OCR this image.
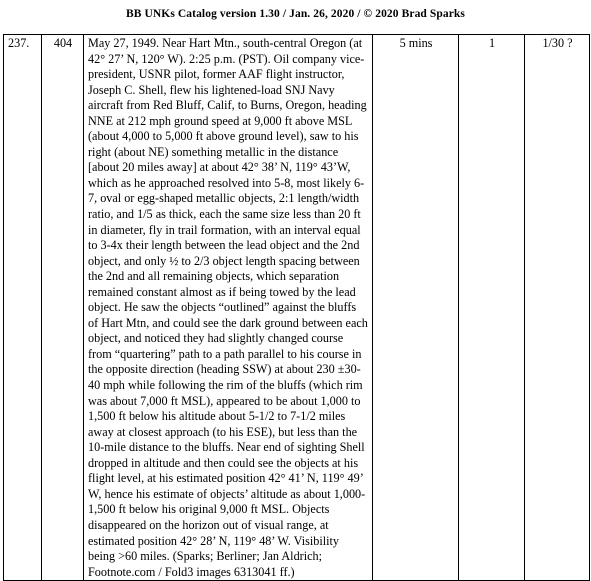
BB UNKs Catalog version 1.30 / Jan. 26, 2020 / © 2020 Brad Sparks
237.	404	May 27, 1949. Near Hart Mtn., south-central Oregon (at 42° 27’ N, 120° W). 2:25 p.m. (PST). Oil company vice-president, USNR pilot, former AAF flight instructor, Joseph C. Shell, flew his lightened-load SNJ Navy aircraft from Red Bluff, Calif, to Burns, Oregon, heading NNE at 212 mph ground speed at 9,000 ft above MSL (about 4,000 to 5,000 ft above ground level), saw to his right (about NE) something metallic in the distance [about 20 miles away] at about 42° 38’ N, 119° 43’W, which as he approached resolved into 5-8, most likely 6-7, oval or egg-shaped metallic objects, 2:1 length/width ratio, and 1/5 as thick, each the same size less than 20 ft in diameter, fly in trail formation, with an interval equal to 3-4x their length between the lead object and the 2nd object, and only ½ to 2/3 object length spacing between the 2nd and all remaining objects, which separation remained constant almost as if being towed by the lead object. He saw the objects “outlined” against the bluffs of Hart Mtn, and could see the dark ground between each object, and noticed they had slightly changed course from “quartering” path to a path parallel to his course in the opposite direction (heading SSW) at about 230 ±30-40 mph while following the rim of the bluffs (which rim was about 7,000 ft MSL), appeared to be about 1,000 to 1,500 ft below his altitude about 5-1/2 to 7-1/2 miles away at closest approach (to his ESE), but less than the 10-mile distance to the bluffs. Near end of sighting Shell dropped in altitude and then could see the objects at his flight level, at his estimated position 42° 41’ N, 119° 49’ W, hence his estimate of objects’ altitude as about 1,000-1,500 ft below his original 9,000 ft MSL. Objects disappeared on the horizon out of visual range, at estimated position 42° 28’ N, 119° 48’ W. Visibility being >60 miles. (Sparks; Berliner; Jan Aldrich; Footnote.com / Fold3 images 6313041 ff.)	5 mins	1	1/30 ?
